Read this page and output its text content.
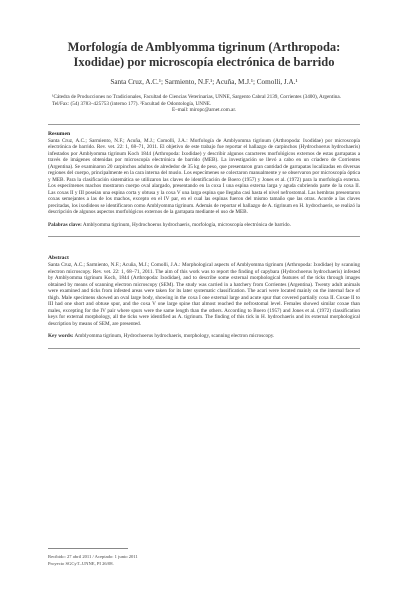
Morfología de Amblyomma tigrinum (Arthropoda: Ixodidae) por microscopía electrónica de barrido
Santa Cruz, A.C.¹; Sarmiento, N.F.¹; Acuña, M.J.¹; Comolli, J.A.¹
¹Cátedra de Producciones no Tradicionales, Facultad de Ciencias Veterinarias, UNNE, Sargento Cabral 2139, Corrientes (3400), Argentina. Tel/Fax: (54) 3783–425753 (interno 177). ²Facultad de Odontología, UNNE.
E–mail: miropc@arnet.com.ar.

Resumen

Santa Cruz, A.C.; Sarmiento, N.F.; Acuña, M.J.; Comolli, J.A.: Morfología de Amblyomma tigrinum (Arthropoda: Ixodidae) por microscopía electrónica de barrido. Rev. vet. 22: 1, 68–71, 2011. El objetivo de este trabajo fue reportar el hallazgo de carpinchos (Hydrochoerus hydrochaeris) infestados por Amblyomma tigrinum Koch 1844 (Arthropoda: Ixodidae) y describir algunos caracteres morfológicos externos de estas garrapatas a través de imágenes obtenidas por microscopía electrónica de barrido (MEB). La investigación se llevó a cabo en un criadero de Corrientes (Argentina). Se examinaron 20 carpinchos adultos de alrededor de 35 kg de peso, que presentaron gran cantidad de garrapatas localizadas en diversas regiones del cuerpo, principalmente en la cara interna del muslo. Los especímenes se colectaron manualmente y se observaron por microscopía óptica y MEB. Para la clasificación sistemática se utilizaron las claves de identificación de Boero (1957) y Jones et al. (1972) para la morfología externa. Los especímenes machos mostraron cuerpo oval alargado, presentando en la coxa I una espina externa larga y aguda cubriendo parte de la coxa II. Las coxas II y III poseían una espina corta y obtusa y la coxa V una larga espina que llegaba casi hasta el nivel nefrostomal. Las hembras presentaron coxas semejantes a las de los machos, excepto en el IV par, en el cual las espinas fueron del mismo tamaño que las otras. Acorde a las claves precitadas, los ixodideos se identificaron como Amblyomma tigrinum. Además de reportar el hallazgo de A. tigrinum en H. hydrochaeris, se realizó la descripción de algunos aspectos morfológicos externos de la garrapata mediante el uso de MEB.

Palabras clave: Amblyomma tigrinum, Hydrochoerus hydrochaeris, morfología, microscopía electrónica de barrido.

Abstract

Santa Cruz, A.C.; Sarmiento, N.F.; Acuña, M.J.; Comolli, J.A.: Morphological aspects of Amblyomma tigrinum (Arthropoda: Ixodidae) by scanning electron microscopy. Rev. vet. 22: 1, 68–71, 2011. The aim of this work was to report the finding of capybara (Hydrochoerus hydrochaeris) infested by Amblyomma tigrinum Koch, 1844 (Arthropoda: Ixodidae), and to describe some external morphological features of the ticks through images obtained by means of scanning electron microscopy (SEM). The study was carried in a hatchery from Corrientes (Argentina). Twenty adult animals were examined and ticks from infested areas were taken for its later systematic classification. The acari were located mainly on the internal face of thigh. Male specimens showed an oval large body, showing in the coxa I one external large and acute spur that covered partially coxa II. Coxae II to III had one short and obtuse spur, and the coxa V one large spine that almost reached the nefrostomal level. Females showed similar coxae than males, excepting for the IV pair where spurs were the same length than the others. According to Boero (1957) and Jones et al. (1972) classification keys for external morphology, all the ticks were identified as A. tigrinum. The finding of this tick in H. hydrochaeris and its external morphological description by means of SEM, are presented.

Key words: Amblyomma tigrinum, Hydrochoerus hydrochaeris, morphology, scanning electron microscopy.

Recibido: 27 abril 2011 / Aceptado: 1 junio 2011
Proyecto SGCyT–UNNE, PI 26/08.
